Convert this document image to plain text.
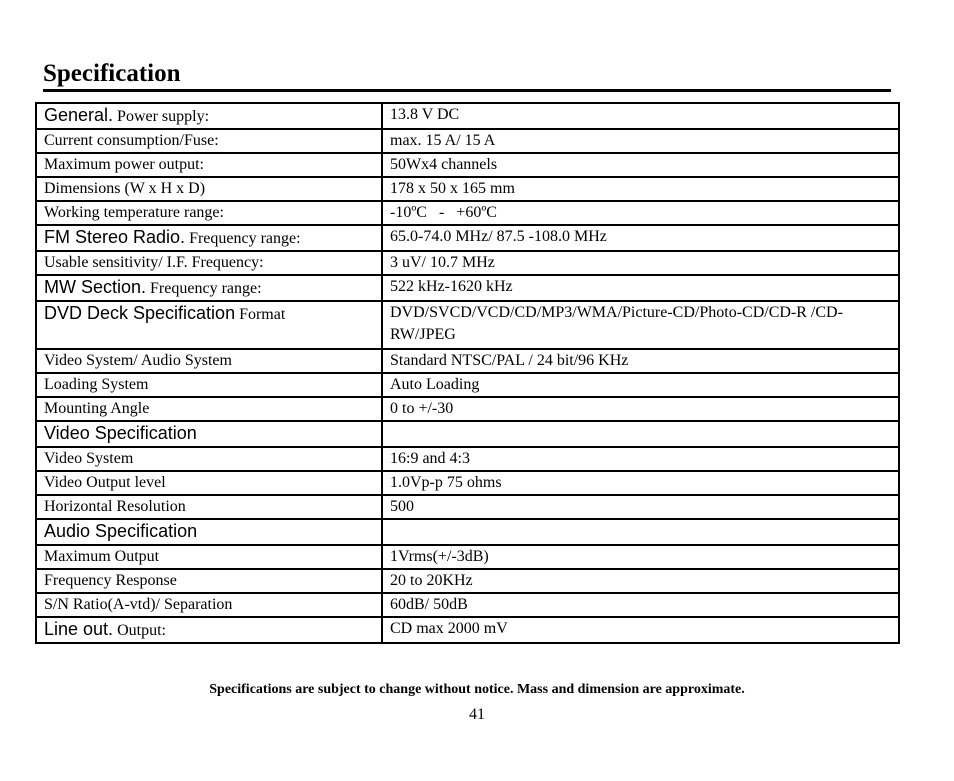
Specification
General. Power supply:	13.8 V DC
Current consumption/Fuse:	max. 15 A/ 15 A
Maximum power output:	50Wx4 channels
Dimensions (W x H x D)	178 x 50 x 165 mm
Working temperature range:	-10ºC   -   +60ºC
FM Stereo Radio. Frequency range:	65.0-74.0 MHz/ 87.5 -108.0 MHz
Usable sensitivity/ I.F. Frequency:	3 uV/ 10.7 MHz
MW Section. Frequency range:	522 kHz-1620 kHz
DVD Deck Specification Format	DVD/SVCD/VCD/CD/MP3/WMA/Picture-CD/Photo-CD/CD-R /CD-RW/JPEG
Video System/ Audio System	Standard NTSC/PAL / 24 bit/96 KHz
Loading System	Auto Loading
Mounting Angle	0 to +/-30
Video Specification	
Video System	16:9 and 4:3
Video Output level	1.0Vp-p 75 ohms
Horizontal Resolution	500
Audio Specification	
Maximum Output	1Vrms(+/-3dB)
Frequency Response	20 to 20KHz
S/N Ratio(A-vtd)/ Separation	60dB/ 50dB
Line out. Output:	CD max 2000 mV
Specifications are subject to change without notice. Mass and dimension are approximate.
41
